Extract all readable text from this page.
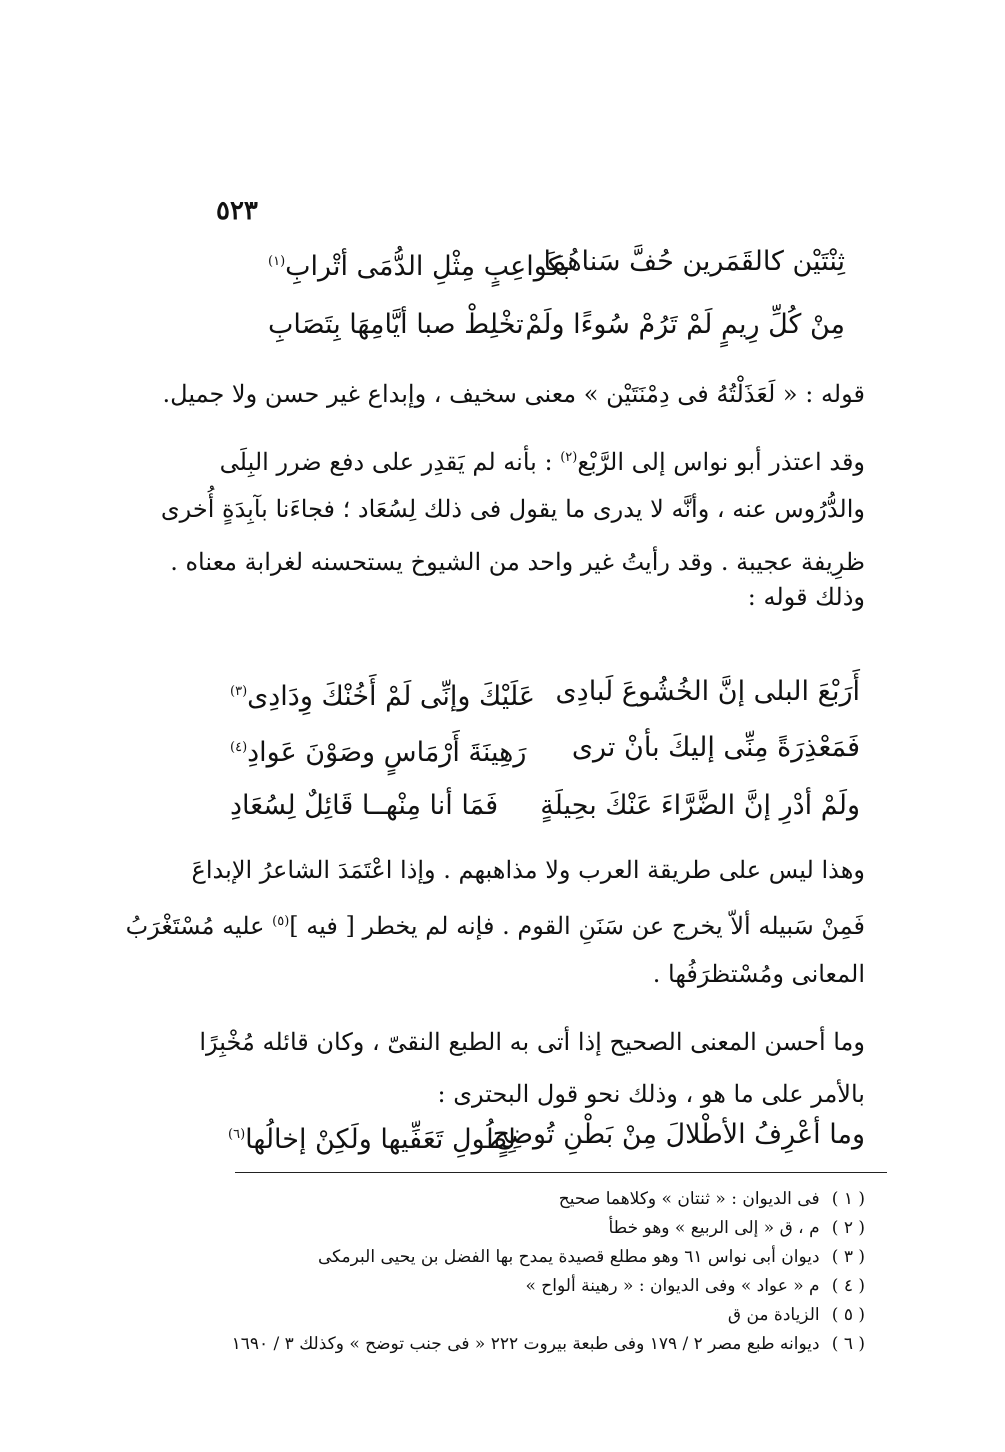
٥٢٣
ثِنْتَيْن كالقَمَرين حُفَّ سَناهُمَا
بكَواعِبٍ مِثْلِ الدُّمَى أتْرابِ$^{(١)}$
مِنْ كُلِّ رِيمٍ لَمْ تَرُمْ سُوءًا ولَمْ
تخْلِطْ صبا أيَّامِهَا بِتَصَابِ
قوله : « لَعَذَلْتُهُ فى دِمْنَتَيْن » معنى سخيف ، وإبداع غير حسن ولا جميل.
وقد اعتذر أبو نواس إلى الرَّبْع$^{(٢)}$ : بأنه لم يَقدِر على دفع ضرر البِلَى
والدُّرُوس عنه ، وأنَّه لا يدرى ما يقول فى ذلك لِسُعَاد ؛ فجاءَنا بآبِدَةٍ أُخرى
ظرِيفة عجيبة . وقد رأيتُ غير واحد من الشيوخ يستحسنه لغرابة معناه .
وذلك قوله :
أَرَبْعَ البلى إنَّ الخُشُوعَ لَبادِى
عَلَيْكَ وإنِّى لَمْ أَخُنْكَ وِدَادِى$^{(٣)}$
فَمَعْذِرَةً مِنِّى إليكَ بأنْ ترى
رَهِينَةَ أَرْمَاسٍ وصَوْنَ عَوادِ$^{(٤)}$
ولَمْ أدْرِ إنَّ الضَّرَّاءَ عَنْكَ بحِيلَةٍ
فَمَا أنا مِنْهــا قَائِلٌ لِسُعَادِ
وهذا ليس على طريقة العرب ولا مذاهبهم . وإذا اعْتَمَدَ الشاعرُ الإبداعَ
فَمِنْ سَبيله ألاّ يخرج عن سَنَنِ القوم . فإنه لم يخطر [ فيه ]$^{(٥)}$ عليه مُسْتَغْرَبُ
المعانى ومُسْتظرَفُها .
وما أحسن المعنى الصحيح إذا أتى به الطبع النقىّ ، وكان قائله مُخْبِرًا
بالأمر على ما هو ، وذلك نحو قول البحترى :
وما أعْرِفُ الأطْلالَ مِنْ بَطْنِ تُوضِحٍ
لِطُولِ تَعَفِّيها ولَكِنْ إخالُها$^{(٦)}$
( ١ ) فى الديوان : « ثنتان » وكلاهما صحيح
( ٢ ) م ، ق « إلى الربيع » وهو خطأ
( ٣ ) ديوان أبى نواس ٦١ وهو مطلع قصيدة يمدح بها الفضل بن يحيى البرمكى
( ٤ ) م « عواد » وفى الديوان : « رهينة ألواح »
( ٥ ) الزيادة من ق
( ٦ ) ديوانه طبع مصر ٢ / ١٧٩ وفى طبعة بيروت ٢٢٢ « فى جنب توضح » وكذلك ٣ / ١٦٩٠
